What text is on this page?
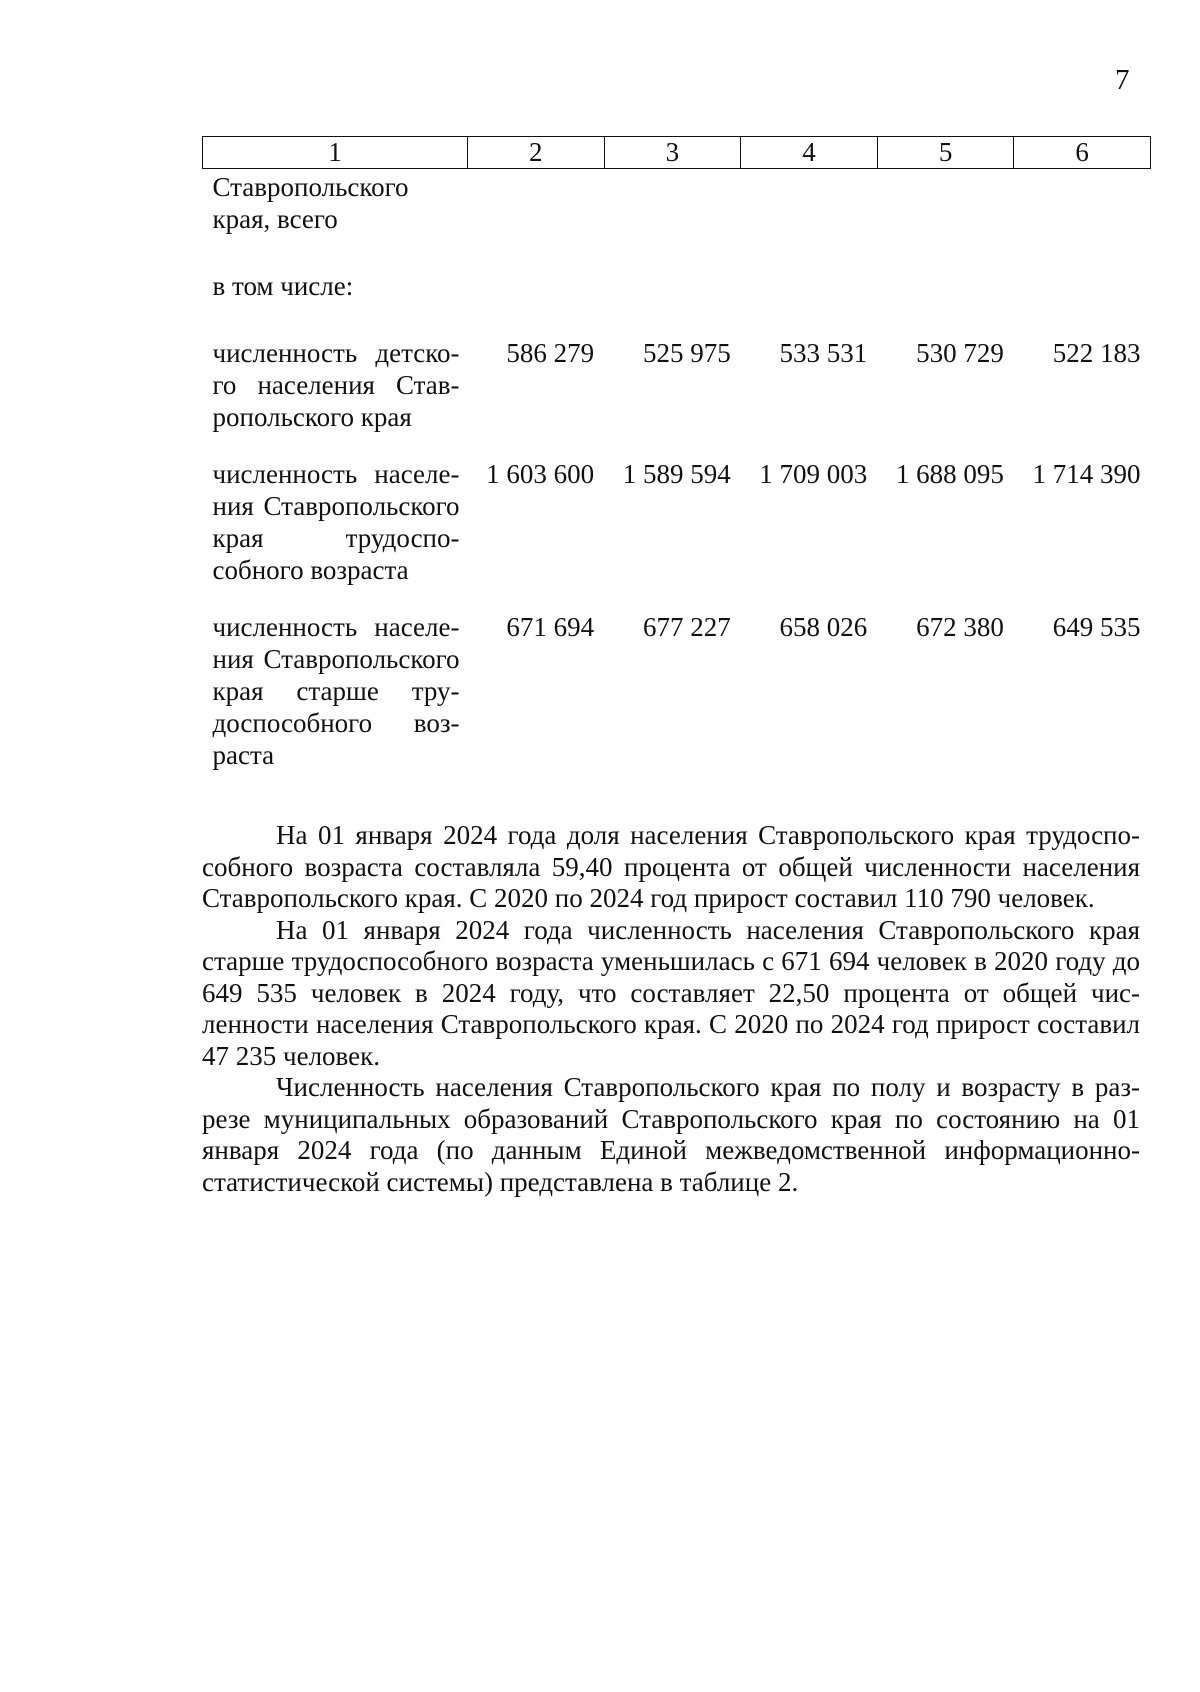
7
1	2	3	4	5	6
Ставропольского края, всего					
в том числе:					
численность детского населения Ставропольского края	586 279	525 975	533 531	530 729	522 183
численность населения Ставропольского края трудоспособного возраста	1 603 600	1 589 594	1 709 003	1 688 095	1 714 390
численность населения Ставропольского края старше трудоспособного возраста	671 694	677 227	658 026	672 380	649 535

На 01 января 2024 года доля населения Ставропольского края трудоспособного возраста составляла 59,40 процента от общей численности населения Ставропольского края. С 2020 по 2024 год прирост составил 110 790 человек.

На 01 января 2024 года численность населения Ставропольского края старше трудоспособного возраста уменьшилась с 671 694 человек в 2020 году до 649 535 человек в 2024 году, что составляет 22,50 процента от общей численности населения Ставропольского края. С 2020 по 2024 год прирост составил 47 235 человек.

Численность населения Ставропольского края по полу и возрасту в разрезе муниципальных образований Ставропольского края по состоянию на 01 января 2024 года (по данным Единой межведомственной информационно-статистической системы) представлена в таблице 2.
